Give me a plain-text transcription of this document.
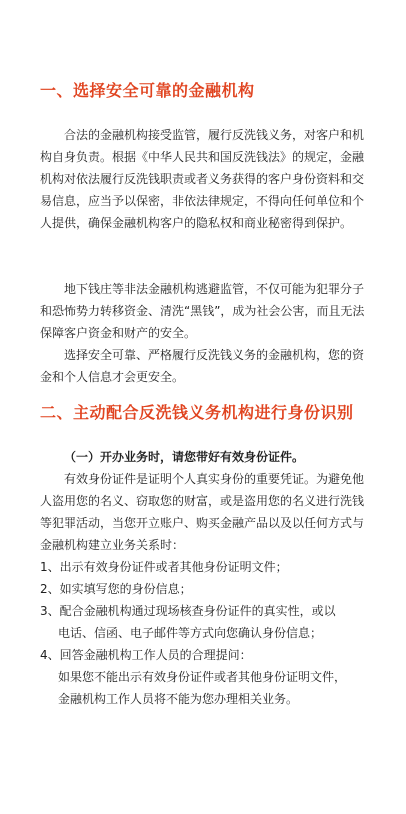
一、选择安全可靠的金融机构

合法的金融机构接受监管，履行反洗钱义务，对客户和机构自身负责。根据《中华人民共和国反洗钱法》的规定，金融机构对依法履行反洗钱职责或者义务获得的客户身份资料和交易信息，应当予以保密，非依法律规定，不得向任何单位和个人提供，确保金融机构客户的隐私权和商业秘密得到保护。

地下钱庄等非法金融机构逃避监管，不仅可能为犯罪分子和恐怖势力转移资金、清洗“黑钱”，成为社会公害，而且无法保障客户资金和财产的安全。

选择安全可靠、严格履行反洗钱义务的金融机构，您的资金和个人信息才会更安全。

二、主动配合反洗钱义务机构进行身份识别
（一）开办业务时，请您带好有效身份证件。

有效身份证件是证明个人真实身份的重要凭证。为避免他人盗用您的名义、窃取您的财富，或是盗用您的名义进行洗钱等犯罪活动，当您开立账户、购买金融产品以及以任何方式与金融机构建立业务关系时：

1、出示有效身份证件或者其他身份证明文件；
2、如实填写您的身份信息；
3、配合金融机构通过现场核查身份证件的真实性，或以
电话、信函、电子邮件等方式向您确认身份信息；
4、回答金融机构工作人员的合理提问：
如果您不能出示有效身份证件或者其他身份证明文件，
金融机构工作人员将不能为您办理相关业务。
